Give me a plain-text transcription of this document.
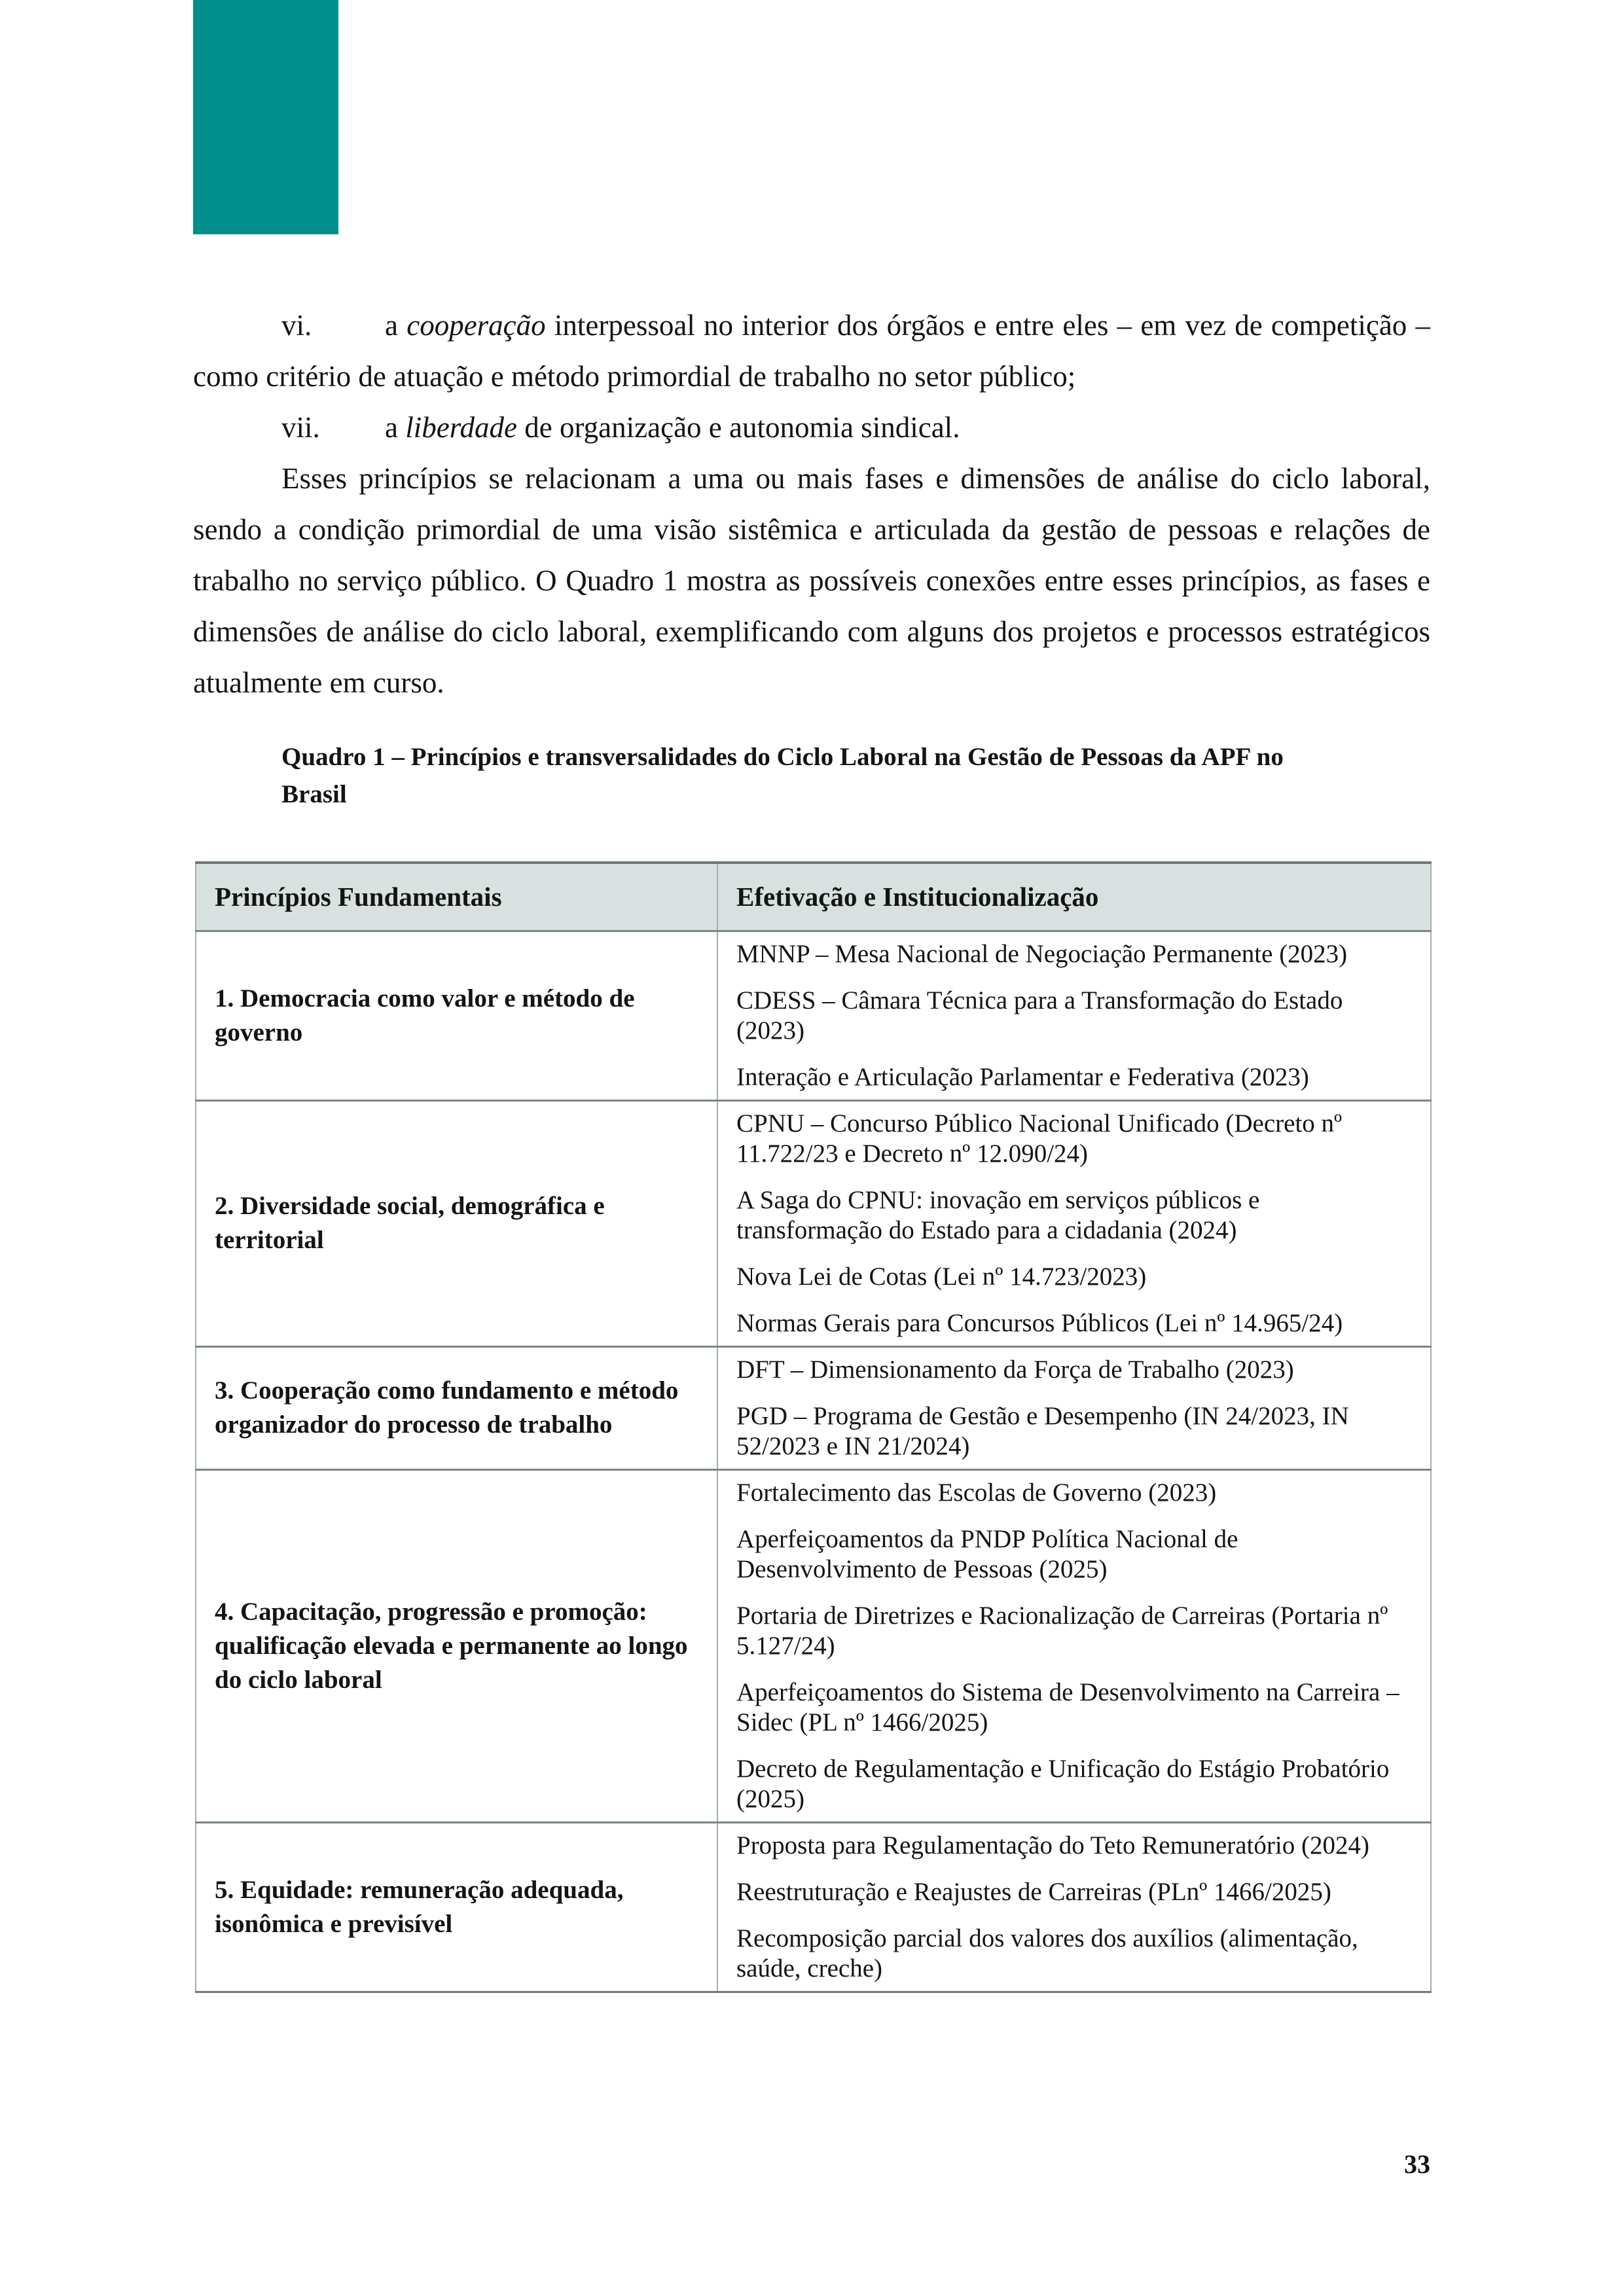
vi. a cooperação interpessoal no interior dos órgãos e entre eles – em vez de competição – como critério de atuação e método primordial de trabalho no setor público;

vii. a liberdade de organização e autonomia sindical.

Esses princípios se relacionam a uma ou mais fases e dimensões de análise do ciclo laboral, sendo a condição primordial de uma visão sistêmica e articulada da gestão de pessoas e relações de trabalho no serviço público. O Quadro 1 mostra as possíveis conexões entre esses princípios, as fases e dimensões de análise do ciclo laboral, exemplificando com alguns dos projetos e processos estratégicos atualmente em curso.

Quadro 1 – Princípios e transversalidades do Ciclo Laboral na Gestão de Pessoas da APF no
Brasil
Princípios Fundamentais	Efetivação e Institucionalização
1. Democracia como valor e método de governo	MNNP – Mesa Nacional de Negociação Permanente (2023)
CDESS – Câmara Técnica para a Transformação do Estado (2023)
Interação e Articulação Parlamentar e Federativa (2023)

2. Diversidade social, demográfica e territorial	CPNU – Concurso Público Nacional Unificado (Decreto nº 11.722/23 e Decreto nº 12.090/24)
A Saga do CPNU: inovação em serviços públicos e transformação do Estado para a cidadania (2024)
Nova Lei de Cotas (Lei nº 14.723/2023)
Normas Gerais para Concursos Públicos (Lei nº 14.965/24)

3. Cooperação como fundamento e método organizador do processo de trabalho	DFT – Dimensionamento da Força de Trabalho (2023)
PGD – Programa de Gestão e Desempenho (IN 24/2023, IN 52/2023 e IN 21/2024)

4. Capacitação, progressão e promoção: qualificação elevada e permanente ao longo do ciclo laboral	Fortalecimento das Escolas de Governo (2023)
Aperfeiçoamentos da PNDP Política Nacional de Desenvolvimento de Pessoas (2025)
Portaria de Diretrizes e Racionalização de Carreiras (Portaria nº 5.127/24)
Aperfeiçoamentos do Sistema de Desenvolvimento na Carreira – Sidec (PL nº 1466/2025)
Decreto de Regulamentação e Unificação do Estágio Probatório (2025)

5. Equidade: remuneração adequada, isonômica e previsível	Proposta para Regulamentação do Teto Remuneratório (2024)
Reestruturação e Reajustes de Carreiras (PLnº 1466/2025)
Recomposição parcial dos valores dos auxílios (alimentação, saúde, creche)
33
